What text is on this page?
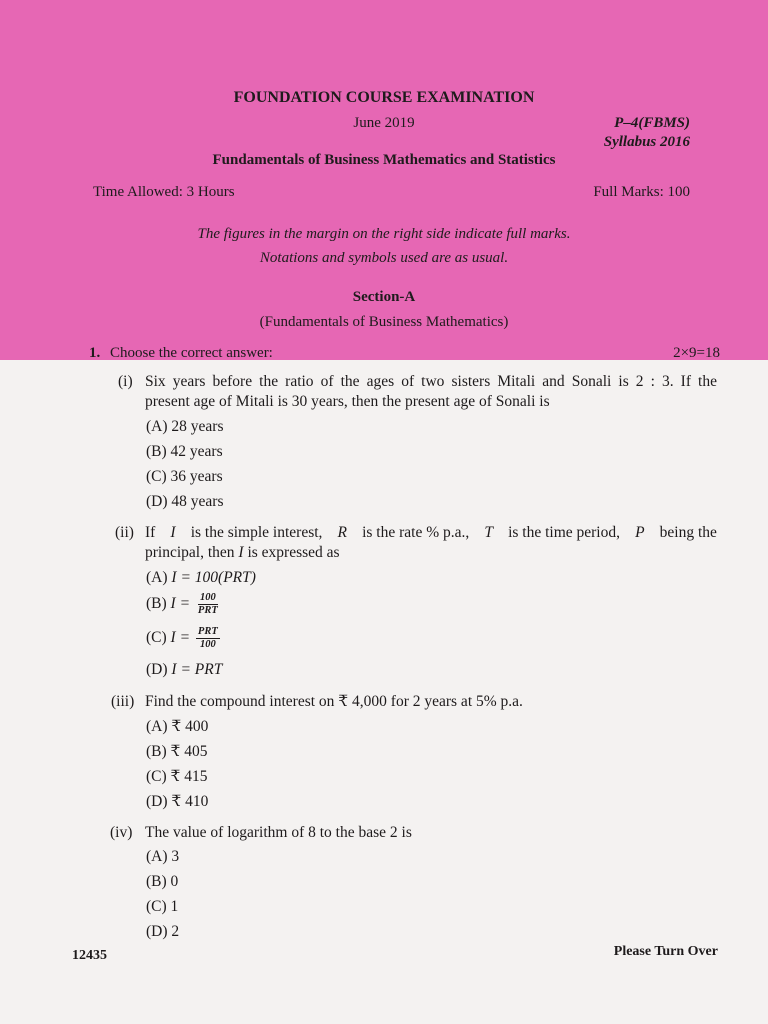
FOUNDATION COURSE EXAMINATION
June 2019	P–4(FBMS)
Syllabus 2016
Fundamentals of Business Mathematics and Statistics
Time Allowed: 3 Hours	Full Marks: 100
The figures in the margin on the right side indicate full marks.
Notations and symbols used are as usual.
Section-A
(Fundamentals of Business Mathematics)
1. Choose the correct answer:	2×9=18
(i) Six years before the ratio of the ages of two sisters Mitali and Sonali is 2 : 3. If the
present age of Mitali is 30 years, then the present age of Sonali is
(A) 28 years
(B) 42 years
(C) 36 years
(D) 48 years
(ii) If I is the simple interest, R is the rate % p.a., T is the time period, P being the
principal, then I is expressed as
(A) I = 100(PRT)
(B) $I = \frac{100}{\text{PRT}}$
(C) $I = \frac{\text{PRT}}{100}$
(D) I = PRT
(iii) Find the compound interest on ₹ 4,000 for 2 years at 5% p.a.
(A) ₹ 400
(B) ₹ 405
(C) ₹ 415
(D) ₹ 410
(iv) The value of logarithm of 8 to the base 2 is
(A) 3
(B) 0
(C) 1
(D) 2
12435	Please Turn Over
